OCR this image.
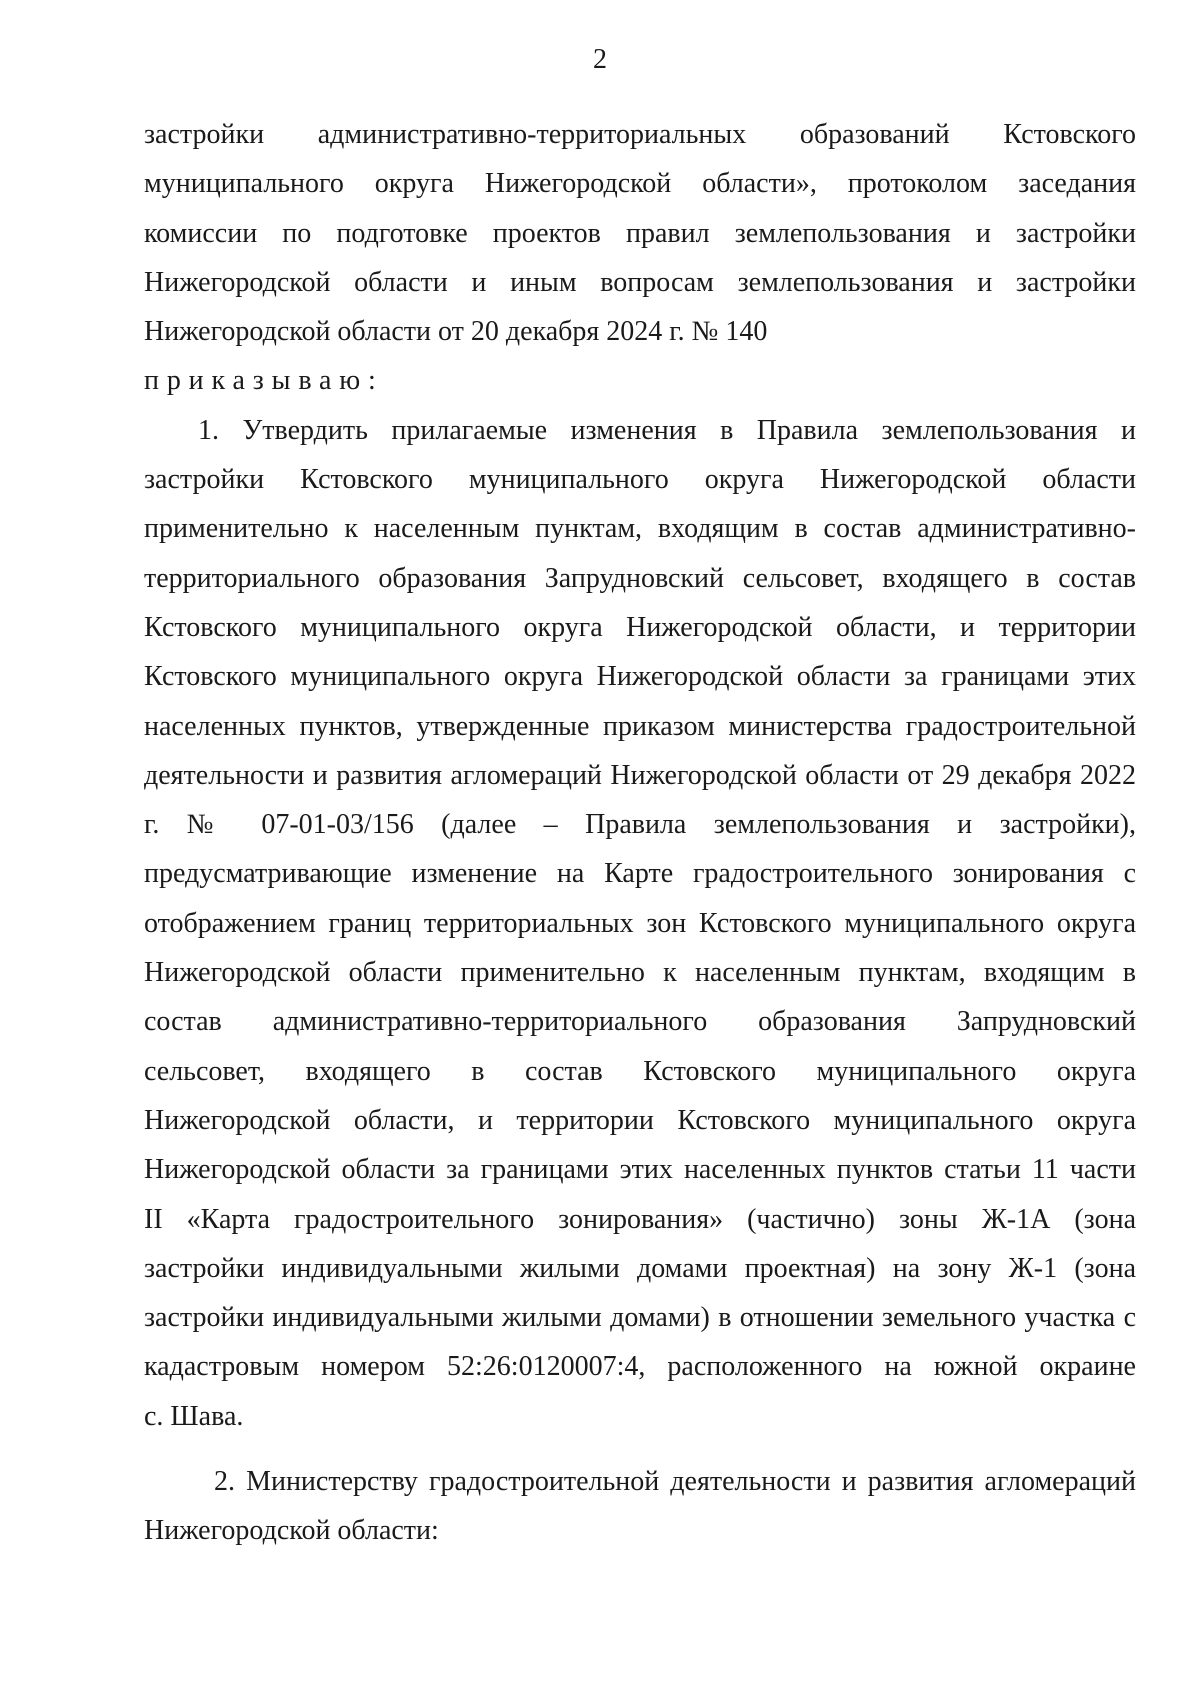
2
застройки административно-территориальных образований Кстовского
муниципального округа Нижегородской области», протоколом заседания
комиссии по подготовке проектов правил землепользования и застройки
Нижегородской области и иным вопросам землепользования и застройки
Нижегородской области от 20 декабря 2024 г. № 140
приказываю:
1. Утвердить прилагаемые изменения в Правила землепользования и
застройки Кстовского муниципального округа Нижегородской области
применительно к населенным пунктам, входящим в состав административно-
территориального образования Запрудновский сельсовет, входящего в состав
Кстовского муниципального округа Нижегородской области, и территории
Кстовского муниципального округа Нижегородской области за границами этих
населенных пунктов, утвержденные приказом министерства градостроительной
деятельности и развития агломераций Нижегородской области от 29 декабря 2022
г. № 07-01-03/156 (далее – Правила землепользования и застройки),
предусматривающие изменение на Карте градостроительного зонирования с
отображением границ территориальных зон Кстовского муниципального округа
Нижегородской области применительно к населенным пунктам, входящим в
состав административно-территориального образования Запрудновский
сельсовет, входящего в состав Кстовского муниципального округа
Нижегородской области, и территории Кстовского муниципального округа
Нижегородской области за границами этих населенных пунктов статьи 11 части
II «Карта градостроительного зонирования» (частично) зоны Ж-1А (зона
застройки индивидуальными жилыми домами проектная) на зону Ж-1 (зона
застройки индивидуальными жилыми домами) в отношении земельного участка с
кадастровым номером 52:26:0120007:4, расположенного на южной окраине
с. Шава.
2. Министерству градостроительной деятельности и развития агломераций
Нижегородской области:
